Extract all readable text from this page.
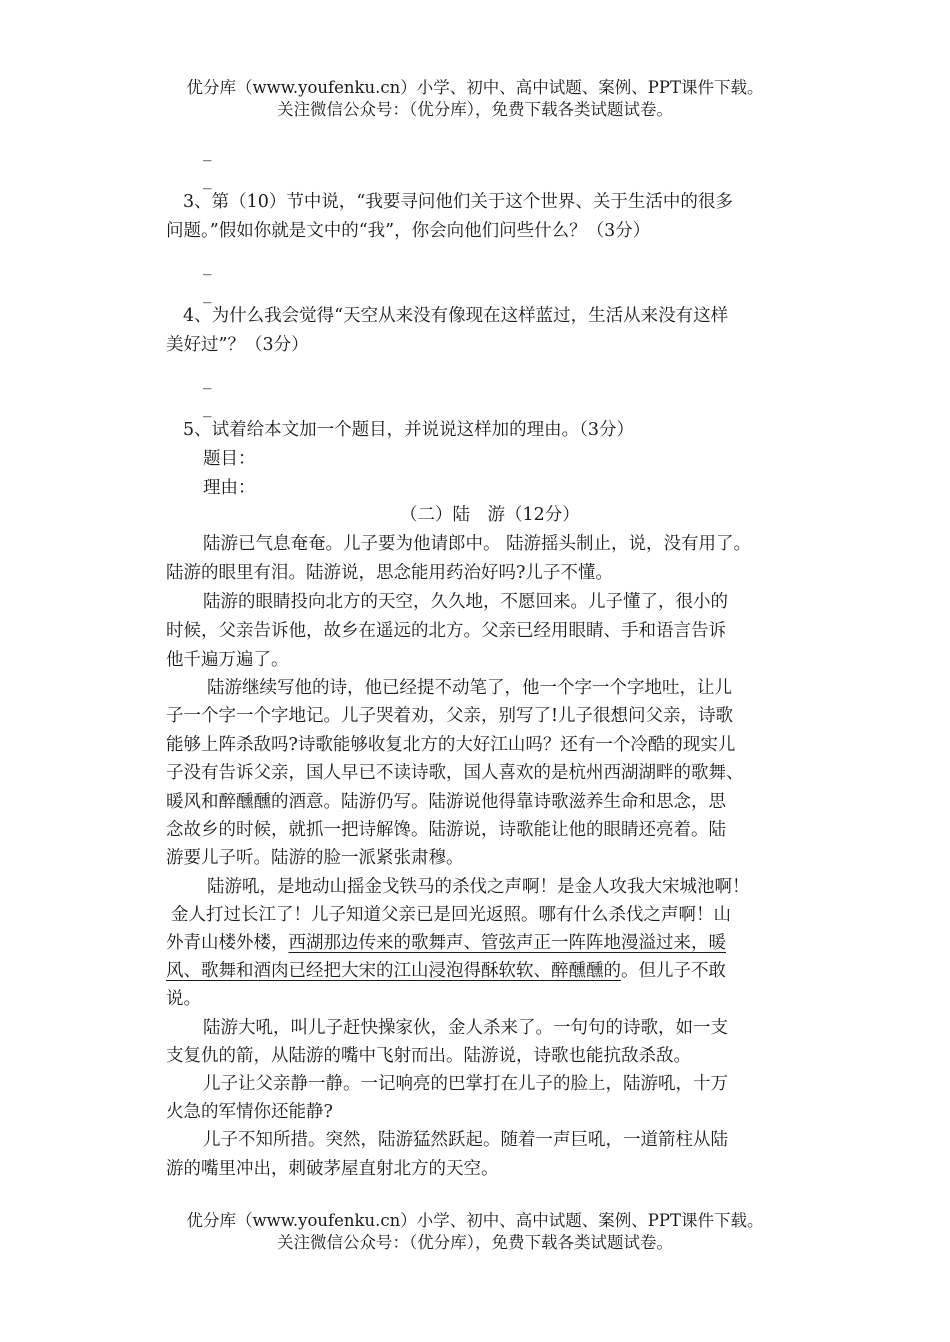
优分库（www.youfenku.cn）小学、初中、高中试题、案例、PPT课件下载。
关注微信公众号：（优分库），免费下载各类试题试卷。
_
_
3、第（10）节中说，“我要寻问他们关于这个世界、关于生活中的很多
问题。”假如你就是文中的“我”，你会向他们问些什么？（3分）
_
_
4、为什么我会觉得“天空从来没有像现在这样蓝过，生活从来没有这样
美好过”？（3分）
_
_
5、试着给本文加一个题目，并说说这样加的理由。（3分）
题目：
理由：
（二）陆　游（12分）
陆游已气息奄奄。儿子要为他请郎中。 陆游摇头制止，说，没有用了。
陆游的眼里有泪。陆游说，思念能用药治好吗?儿子不懂。
陆游的眼睛投向北方的天空，久久地，不愿回来。儿子懂了，很小的
时候，父亲告诉他，故乡在遥远的北方。父亲已经用眼睛、手和语言告诉
他千遍万遍了。
陆游继续写他的诗，他已经提不动笔了，他一个字一个字地吐，让儿
子一个字一个字地记。儿子哭着劝，父亲，别写了!儿子很想问父亲，诗歌
能够上阵杀敌吗?诗歌能够收复北方的大好江山吗？还有一个冷酷的现实儿
子没有告诉父亲，国人早已不读诗歌，国人喜欢的是杭州西湖湖畔的歌舞、
暖风和醉醺醺的酒意。陆游仍写。陆游说他得靠诗歌滋养生命和思念，思
念故乡的时候，就抓一把诗解馋。陆游说，诗歌能让他的眼睛还亮着。陆
游要儿子听。陆游的脸一派紧张肃穆。
陆游吼，是地动山摇金戈铁马的杀伐之声啊！是金人攻我大宋城池啊！
金人打过长江了！儿子知道父亲已是回光返照。哪有什么杀伐之声啊！山
外青山楼外楼，西湖那边传来的歌舞声、管弦声正一阵阵地漫溢过来，暖
风、歌舞和酒肉已经把大宋的江山浸泡得酥软软、醉醺醺的。但儿子不敢
说。
陆游大吼，叫儿子赶快操家伙，金人杀来了。一句句的诗歌，如一支
支复仇的箭，从陆游的嘴中飞射而出。陆游说，诗歌也能抗敌杀敌。
儿子让父亲静一静。一记响亮的巴掌打在儿子的脸上，陆游吼，十万
火急的军情你还能静?
儿子不知所措。突然，陆游猛然跃起。随着一声巨吼，一道箭柱从陆
游的嘴里冲出，刺破茅屋直射北方的天空。
优分库（www.youfenku.cn）小学、初中、高中试题、案例、PPT课件下载。
关注微信公众号：（优分库），免费下载各类试题试卷。
